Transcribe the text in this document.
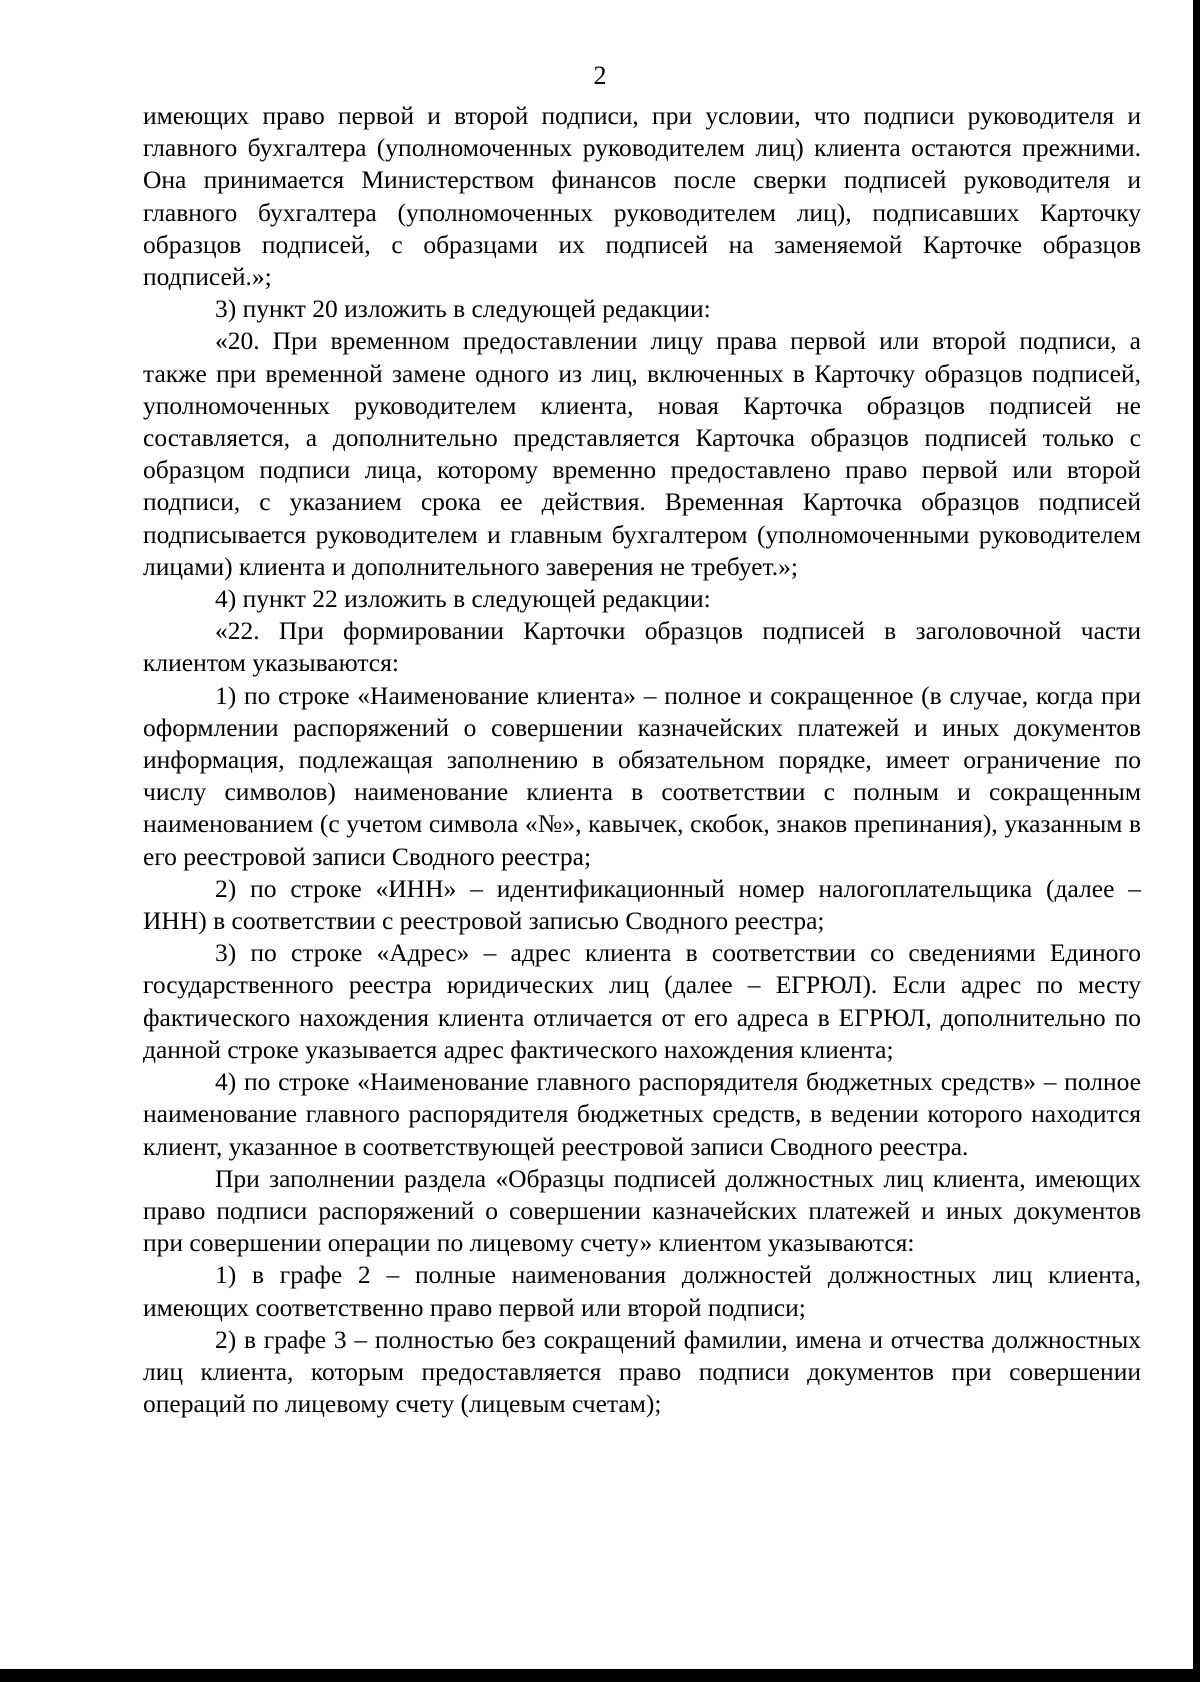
2

имеющих право первой и второй подписи, при условии, что подписи руководителя и главного бухгалтера (уполномоченных руководителем лиц) клиента остаются прежними. Она принимается Министерством финансов после сверки подписей руководителя и главного бухгалтера (уполномоченных руководителем лиц), подписавших Карточку образцов подписей, с образцами их подписей на заменяемой Карточке образцов подписей.»;

3) пункт 20 изложить в следующей редакции:

«20. При временном предоставлении лицу права первой или второй подписи, а также при временной замене одного из лиц, включенных в Карточку образцов подписей, уполномоченных руководителем клиента, новая Карточка образцов подписей не составляется, а дополнительно представляется Карточка образцов подписей только с образцом подписи лица, которому временно предоставлено право первой или второй подписи, с указанием срока ее действия. Временная Карточка образцов подписей подписывается руководителем и главным бухгалтером (уполномоченными руководителем лицами) клиента и дополнительного заверения не требует.»;

4) пункт 22 изложить в следующей редакции:

«22. При формировании Карточки образцов подписей в заголовочной части клиентом указываются:

1) по строке «Наименование клиента» – полное и сокращенное (в случае, когда при оформлении распоряжений о совершении казначейских платежей и иных документов информация, подлежащая заполнению в обязательном порядке, имеет ограничение по числу символов) наименование клиента в соответствии с полным и сокращенным наименованием (с учетом символа «№», кавычек, скобок, знаков препинания), указанным в его реестровой записи Сводного реестра;

2) по строке «ИНН» – идентификационный номер налогоплательщика (далее – ИНН) в соответствии с реестровой записью Сводного реестра;

3) по строке «Адрес» – адрес клиента в соответствии со сведениями Единого государственного реестра юридических лиц (далее – ЕГРЮЛ). Если адрес по месту фактического нахождения клиента отличается от его адреса в ЕГРЮЛ, дополнительно по данной строке указывается адрес фактического нахождения клиента;

4) по строке «Наименование главного распорядителя бюджетных средств» – полное наименование главного распорядителя бюджетных средств, в ведении которого находится клиент, указанное в соответствующей реестровой записи Сводного реестра.

При заполнении раздела «Образцы подписей должностных лиц клиента, имеющих право подписи распоряжений о совершении казначейских платежей и иных документов при совершении операции по лицевому счету» клиентом указываются:

1) в графе 2 – полные наименования должностей должностных лиц клиента, имеющих соответственно право первой или второй подписи;

2) в графе 3 – полностью без сокращений фамилии, имена и отчества должностных лиц клиента, которым предоставляется право подписи документов при совершении операций по лицевому счету (лицевым счетам);
